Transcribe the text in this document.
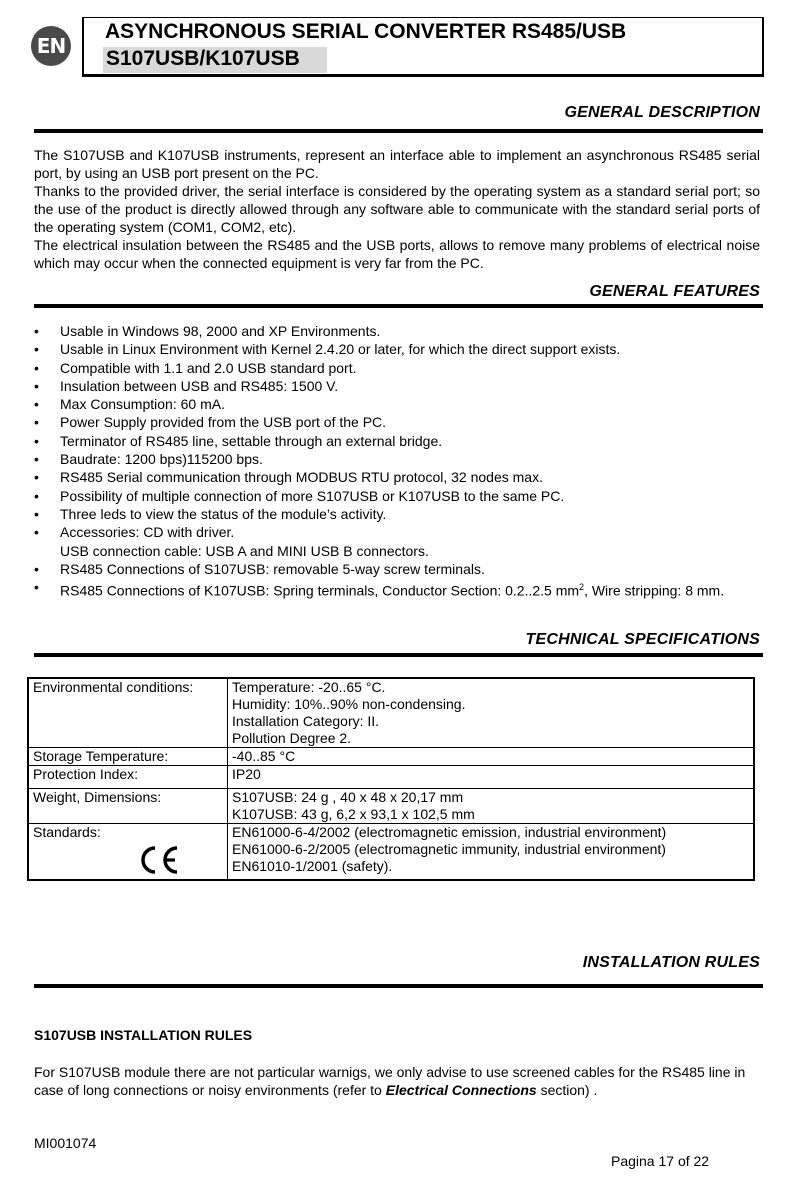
EN
ASYNCHRONOUS SERIAL CONVERTER RS485/USB
S107USB/K107USB
GENERAL DESCRIPTION

The S107USB and K107USB instruments, represent an interface able to implement an asynchronous RS485 serial port, by using an USB port present on the PC.

Thanks to the provided driver, the serial interface is considered by the operating system as a standard serial port; so the use of the product is directly allowed through any software able to communicate with the standard serial ports of the operating system (COM1, COM2, etc).

The electrical insulation between the RS485 and the USB ports, allows to remove many problems of electrical noise which may occur when the connected equipment is very far from the PC.

GENERAL FEATURES
• Usable in Windows 98, 2000 and XP Environments.
• Usable in Linux Environment with Kernel 2.4.20 or later, for which the direct support exists.
• Compatible with 1.1 and 2.0 USB standard port.
• Insulation between USB and RS485: 1500 V.
• Max Consumption: 60 mA.
• Power Supply provided from the USB port of the PC.
• Terminator of RS485 line, settable through an external bridge.
• Baudrate: 1200 bps)115200 bps.
• RS485 Serial communication through MODBUS RTU protocol, 32 nodes max.
• Possibility of multiple connection of more S107USB or K107USB to the same PC.
• Three leds to view the status of the module’s activity.
• Accessories: CD with driver.
USB connection cable: USB A and MINI USB B connectors.
• RS485 Connections of S107USB: removable 5-way screw terminals.
• RS485 Connections of K107USB: Spring terminals, Conductor Section: 0.2..2.5 $mm^2$, Wire stripping: 8 mm.
TECHNICAL SPECIFICATIONS
Environmental conditions:	Temperature: -20..65 °C.
Humidity: 10%..90% non-condensing.
Installation Category: II.
Pollution Degree 2.

Storage Temperature:	-40..85 °C

Protection Index:	IP20

Weight, Dimensions:	S107USB: 24 g , 40 x 48 x 20,17 mm
K107USB: 43 g, 6,2 x 93,1 x 102,5 mm

Standards:	EN61000-6-4/2002 (electromagnetic emission, industrial environment)
EN61000-6-2/2005 (electromagnetic immunity, industrial environment)
EN61010-1/2001 (safety).
INSTALLATION RULES
S107USB INSTALLATION RULES

For S107USB module there are not particular warnigs, we only advise to use screened cables for the RS485 line in case of long connections or noisy environments (refer to Electrical Connections section) .

MI001074
Pagina 17 of 22
